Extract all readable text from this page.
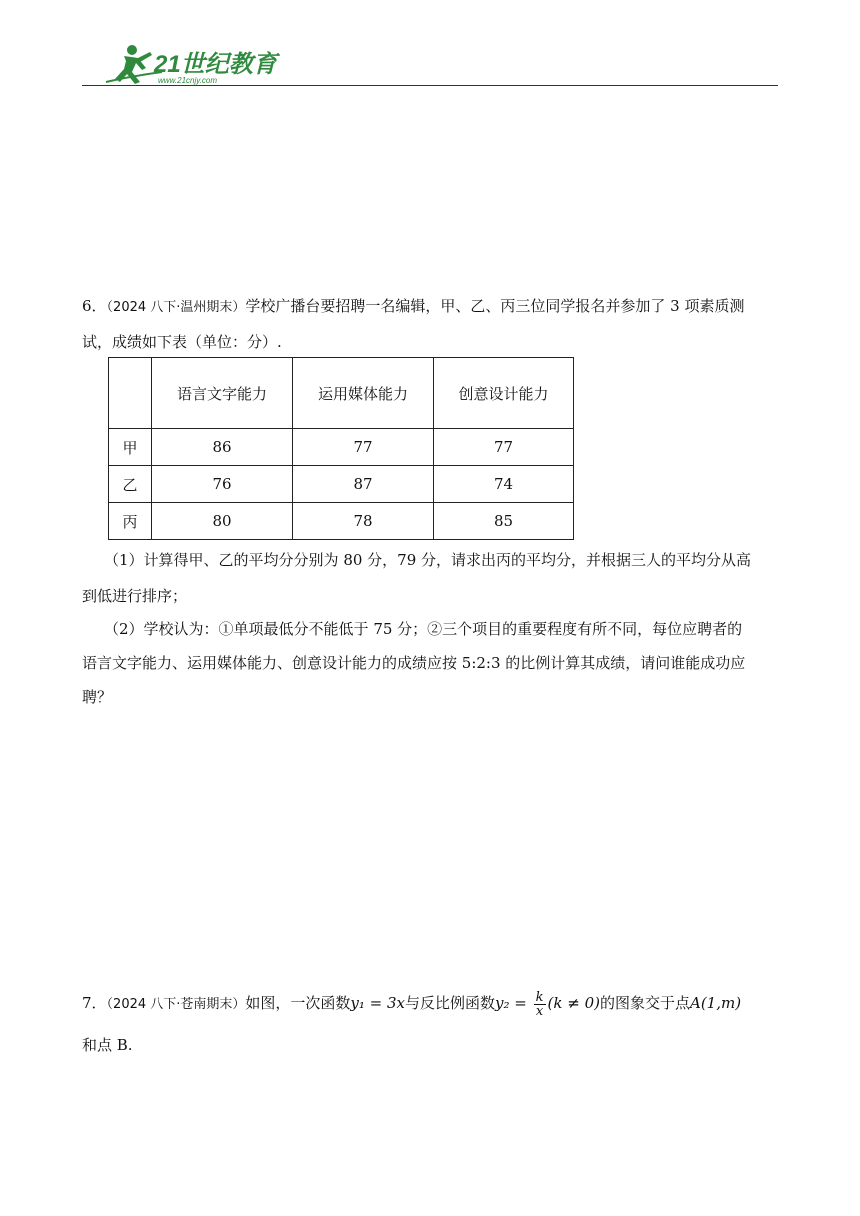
21世纪教育
www.21cnjy.com
6．（2024 八下·温州期末）学校广播台要招聘一名编辑，甲、乙、丙三位同学报名并参加了 3 项素质测
试，成绩如下表（单位：分）.
	语言文字能力	运用媒体能力	创意设计能力
甲	86	77	77
乙	76	87	74
丙	80	78	85
（1）计算得甲、乙的平均分分别为 80 分，79 分，请求出丙的平均分，并根据三人的平均分从高
到低进行排序；
（2）学校认为：①单项最低分不能低于 75 分；②三个项目的重要程度有所不同，每位应聘者的
语言文字能力、运用媒体能力、创意设计能力的成绩应按 5:2:3 的比例计算其成绩，请问谁能成功应
聘？
7．（2024 八下·苍南期末）如图，一次函数y₁ = 3x与反比例函数$y_2 = \frac{k}{x} (k \ne 0)$的图象交于点A(1,m)
和点 B.
